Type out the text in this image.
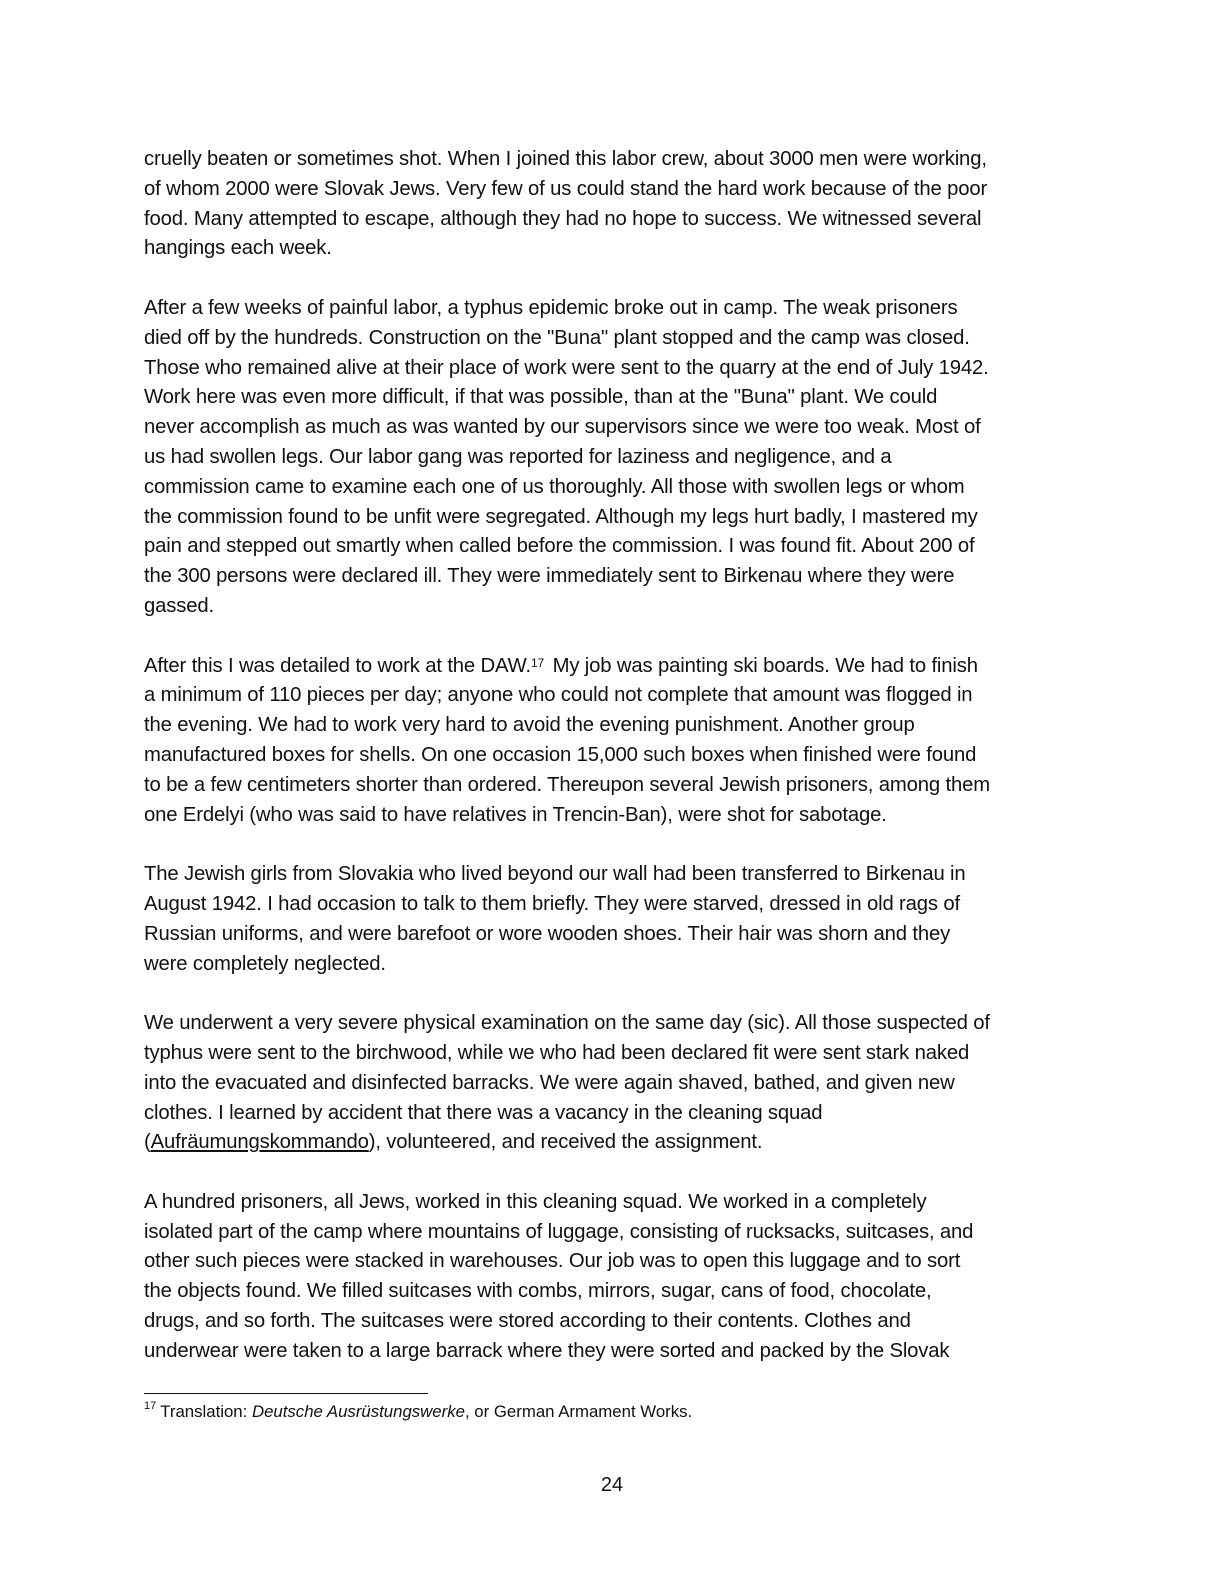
cruelly beaten or sometimes shot. When I joined this labor crew, about 3000 men were working,
of whom 2000 were Slovak Jews. Very few of us could stand the hard work because of the poor
food. Many attempted to escape, although they had no hope to success. We witnessed several
hangings each week.
After a few weeks of painful labor, a typhus epidemic broke out in camp. The weak prisoners
died off by the hundreds. Construction on the "Buna" plant stopped and the camp was closed.
Those who remained alive at their place of work were sent to the quarry at the end of July 1942.
Work here was even more difficult, if that was possible, than at the "Buna" plant. We could
never accomplish as much as was wanted by our supervisors since we were too weak. Most of
us had swollen legs. Our labor gang was reported for laziness and negligence, and a
commission came to examine each one of us thoroughly. All those with swollen legs or whom
the commission found to be unfit were segregated. Although my legs hurt badly, I mastered my
pain and stepped out smartly when called before the commission. I was found fit. About 200 of
the 300 persons were declared ill. They were immediately sent to Birkenau where they were
gassed.
After this I was detailed to work at the DAW.$^{17}$ My job was painting ski boards. We had to finish
a minimum of 110 pieces per day; anyone who could not complete that amount was flogged in
the evening. We had to work very hard to avoid the evening punishment. Another group
manufactured boxes for shells. On one occasion 15,000 such boxes when finished were found
to be a few centimeters shorter than ordered. Thereupon several Jewish prisoners, among them
one Erdelyi (who was said to have relatives in Trencin-Ban), were shot for sabotage.
The Jewish girls from Slovakia who lived beyond our wall had been transferred to Birkenau in
August 1942. I had occasion to talk to them briefly. They were starved, dressed in old rags of
Russian uniforms, and were barefoot or wore wooden shoes. Their hair was shorn and they
were completely neglected.
We underwent a very severe physical examination on the same day (sic). All those suspected of
typhus were sent to the birchwood, while we who had been declared fit were sent stark naked
into the evacuated and disinfected barracks. We were again shaved, bathed, and given new
clothes. I learned by accident that there was a vacancy in the cleaning squad
(Aufräumungskommando), volunteered, and received the assignment.
A hundred prisoners, all Jews, worked in this cleaning squad. We worked in a completely
isolated part of the camp where mountains of luggage, consisting of rucksacks, suitcases, and
other such pieces were stacked in warehouses. Our job was to open this luggage and to sort
the objects found. We filled suitcases with combs, mirrors, sugar, cans of food, chocolate,
drugs, and so forth. The suitcases were stored according to their contents. Clothes and
underwear were taken to a large barrack where they were sorted and packed by the Slovak
$^{17}$ Translation: Deutsche Ausrüstungswerke, or German Armament Works.
24
